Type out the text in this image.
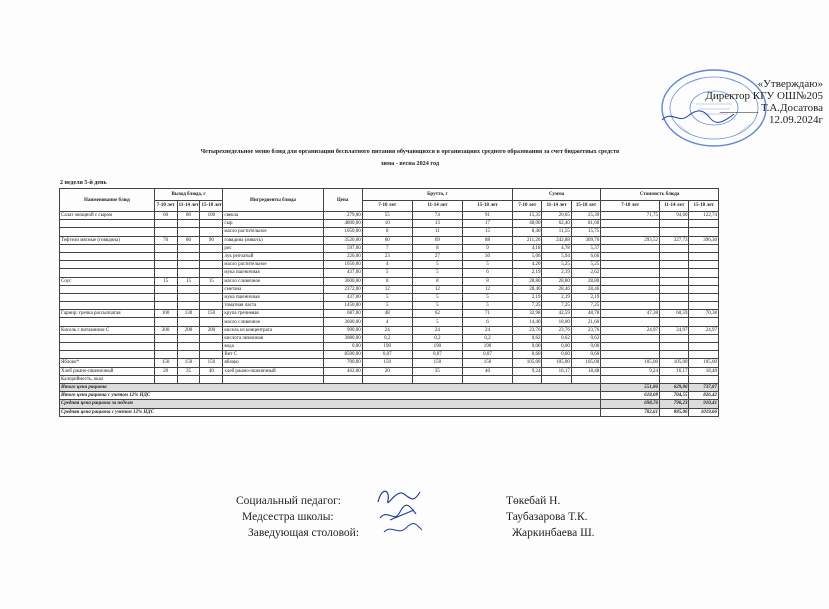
«Утверждаю»
Директор КГУ ОШ№205
_______ Т.А.Досатова
12.09.2024г
Четырехнедельное меню блюд для организации бесплатного питания обучающихся в организациях среднего образования за счет бюджетных средств
зима - весна 2024 год
2 неделя 5-й день
Наименование блюд	Выход блюда, г			Ингредиенты блюда	Цена	Брутто, г			Сумма			Стоимость блюда		
	7-10 лет	11-14 лет	15-18 лет			7-10 лет	11-14 лет	15-18 лет	7-10 лет	11-14 лет	15-18 лет	7-10 лет	11-14 лет	15-18 лет
Салат овощной с сыром	60	80	100	свекла	279,00	55	74	91	15,35	20,65	25,39	71,75	94,60	122,74
				сыр	4800,00	10	13	17	48,00	62,40	81,60			
				масло растительное	1050,00	8	11	15	8,40	11,55	15,75			
Тефтели мясные (говядина)	70	80	90	говядина (мякоть)	3520,00	60	69	88	211,20	242,88	309,76	293,52	327,73	396,30
				рис	597,00	7	8	9	4,18	4,78	5,37			
				лук репчатый	220,00	23	27	30	5,06	5,94	6,60			
				масло растительное	1050,00	4	5	5	4,20	5,25	5,25			
				мука пшеничная	437,00	5	5	6	2,19	2,19	2,62			
Соус	15	15	15	масло сливочное	3600,00	8	8	8	28,80	28,80	28,80			
				сметана	2372,00	12	12	12	28,46	28,46	28,46			
				мука пшеничная	437,00	5	5	5	2,19	2,19	2,19			
				томатная паста	1450,00	5	5	5	7,25	7,25	7,25			
Гарнир: гречка рассыпчатая	100	130	150	крупа гречневая	687,00	48	62	71	32,98	42,59	48,78	47,38	60,59	70,38
				масло сливочное	3600,00	4	5	6	14,40	18,00	21,60			
Кисель с витамином С	200	200	200	кисель из концентрата	990,00	24	24	24	23,76	23,76	23,76	24,97	24,97	24,97
				кислота лимонная	3080,00	0,2	0,2	0,2	0,62	0,62	0,62			
				вода	0,00	190	190	190	0,00	0,00	0,00			
				Вит С	8500,00	0,07	0,07	0,07	0,60	0,60	0,60			
Яблоко*	150	150	150	яблоко	700,00	150	150	150	105,00	105,00	105,00	105,00	105,00	105,00
Хлеб ржано-пшеничный	20	35	40	хлеб ржано-пшеничный	462,00	20	35	40	9,24	16,17	18,48	9,24	16,17	18,48
Калорийность, ккал														
Итого цена рациона												551,86	629,06	737,87
Итого цена рациона с учетом 12% НДС												618,08	704,55	826,42
Средняя цена рациона за неделю												698,76	790,23	910,41
Средняя цена рациона с учетом 12% НДС												782,61	885,06	1019,66
Социальный педагог:	Төкебай Н.
Медсестра школы:	Таубазарова Т.К.
Заведующая столовой:	Жаркинбаева Ш.
